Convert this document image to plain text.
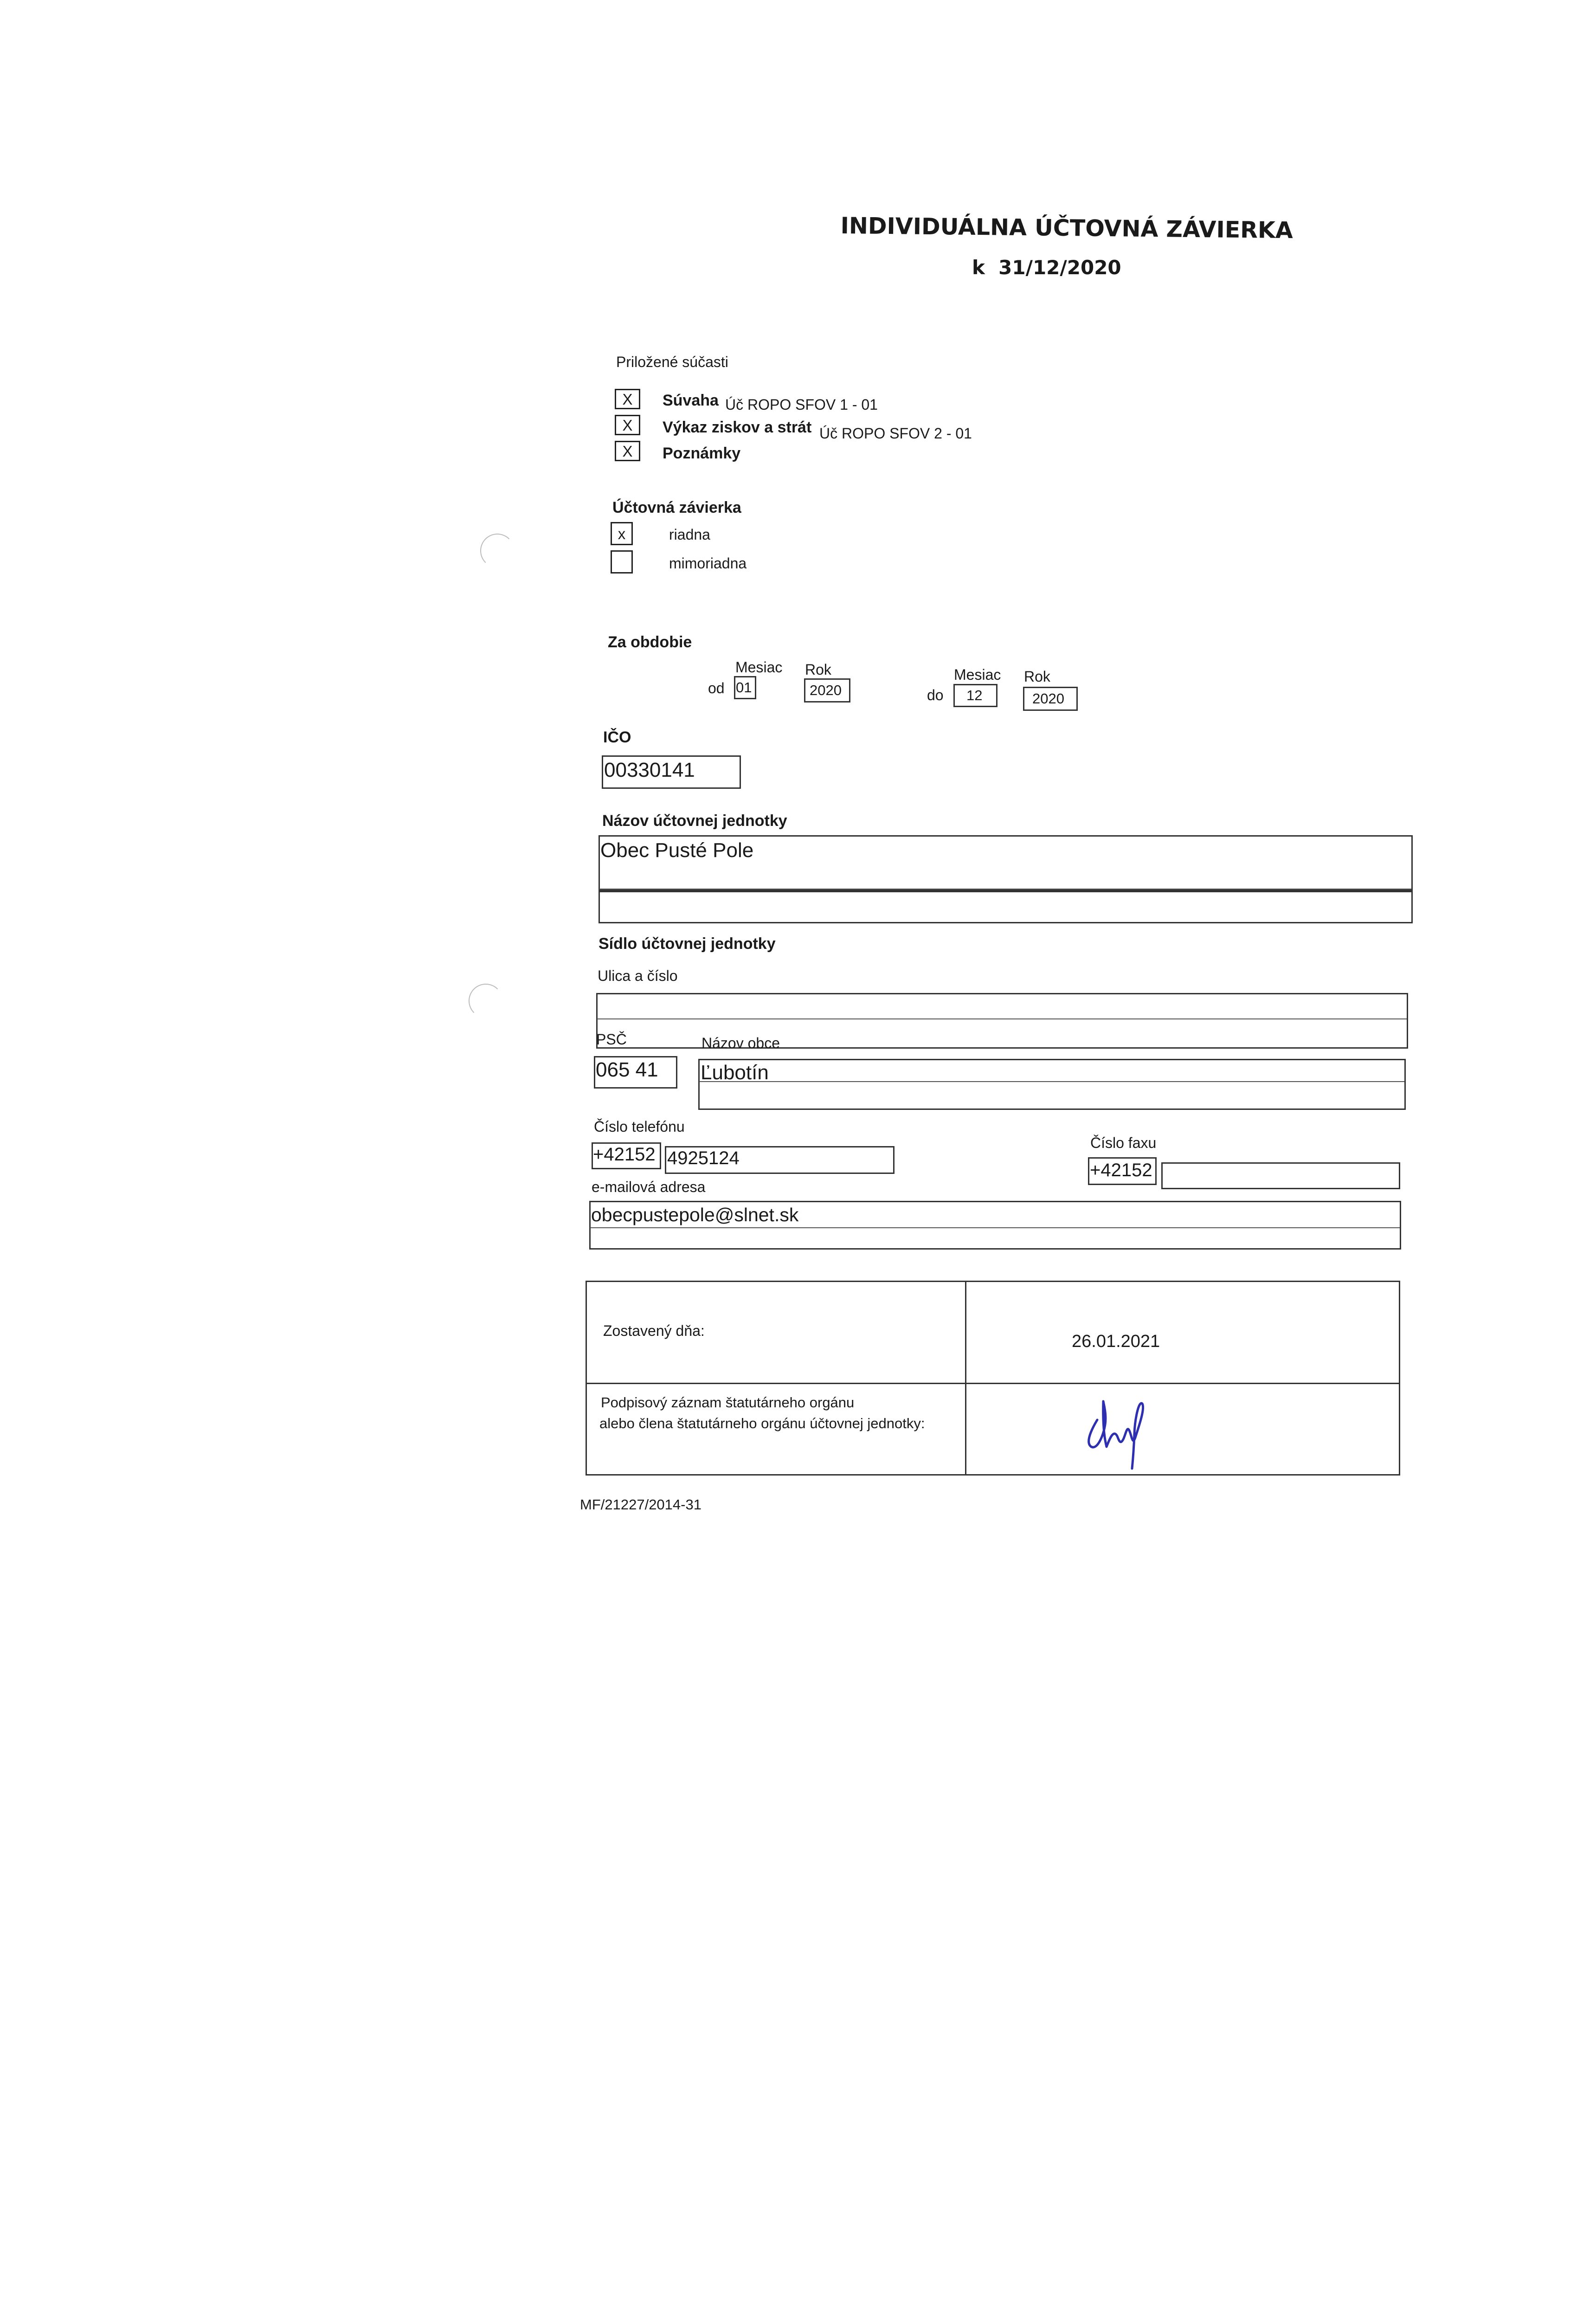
INDIVIDUÁLNA ÚČTOVNÁ ZÁVIERKA
k  31/12/2020
Priložené súčasti
X	Súvaha Úč ROPO SFOV 1 - 01
X	Výkaz ziskov a strát Úč ROPO SFOV 2 - 01
X	Poznámky
Účtovná závierka
x	riadna
mimoriadna
Za obdobie
Mesiac Rok
od 01	2020
Mesiac Rok
do 12	2020
IČO
00330141
Názov účtovnej jednotky
Obec Pusté Pole
Sídlo účtovnej jednotky
Ulica a číslo
PSČ	Názov obce
065 41 Ľubotín
Číslo telefónu
+42152 4925124
Číslo faxu
+42152
e-mailová adresa
obecpustepole@slnet.sk
Zostavený dňa:
26.01.2021
Podpisový záznam štatutárneho orgánu
alebo člena štatutárneho orgánu účtovnej jednotky:
MF/21227/2014-31
